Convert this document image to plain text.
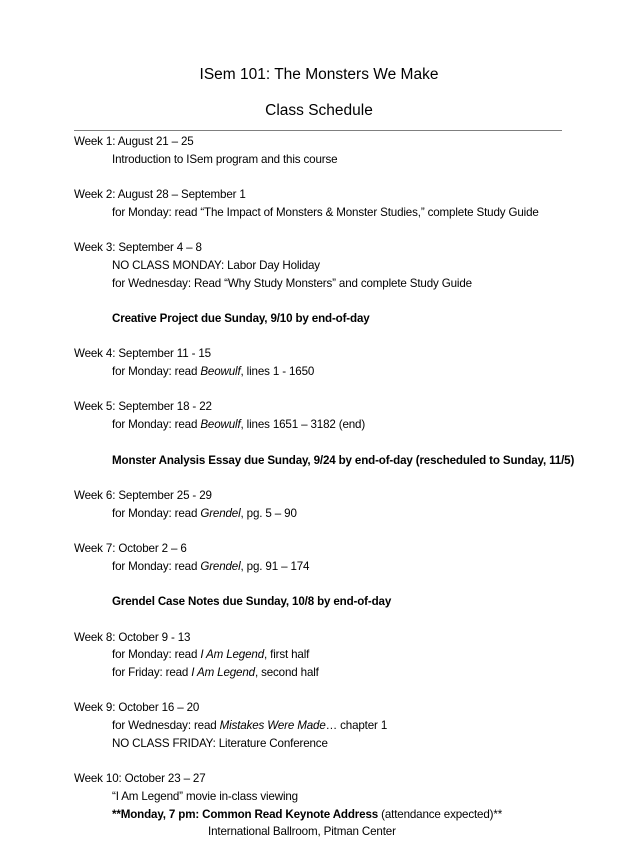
ISem 101: The Monsters We Make
Class Schedule
Week 1: August 21 – 25
Introduction to ISem program and this course
Week 2: August 28 – September 1
for Monday: read “The Impact of Monsters & Monster Studies,” complete Study Guide
Week 3: September 4 – 8
NO CLASS MONDAY: Labor Day Holiday
for Wednesday: Read “Why Study Monsters” and complete Study Guide
Creative Project due Sunday, 9/10 by end-of-day
Week 4: September 11 - 15
for Monday: read Beowulf, lines 1 - 1650
Week 5: September 18 - 22
for Monday: read Beowulf, lines 1651 – 3182 (end)
Monster Analysis Essay due Sunday, 9/24 by end-of-day (rescheduled to Sunday, 11/5)
Week 6: September 25 - 29
for Monday: read Grendel, pg. 5 – 90
Week 7: October 2 – 6
for Monday: read Grendel, pg. 91 – 174
Grendel Case Notes due Sunday, 10/8 by end-of-day
Week 8: October 9 - 13
for Monday: read I Am Legend, first half
for Friday: read I Am Legend, second half
Week 9: October 16 – 20
for Wednesday: read Mistakes Were Made… chapter 1
NO CLASS FRIDAY: Literature Conference
Week 10: October 23 – 27
“I Am Legend” movie in-class viewing
**Monday, 7 pm: Common Read Keynote Address (attendance expected)**
International Ballroom, Pitman Center
